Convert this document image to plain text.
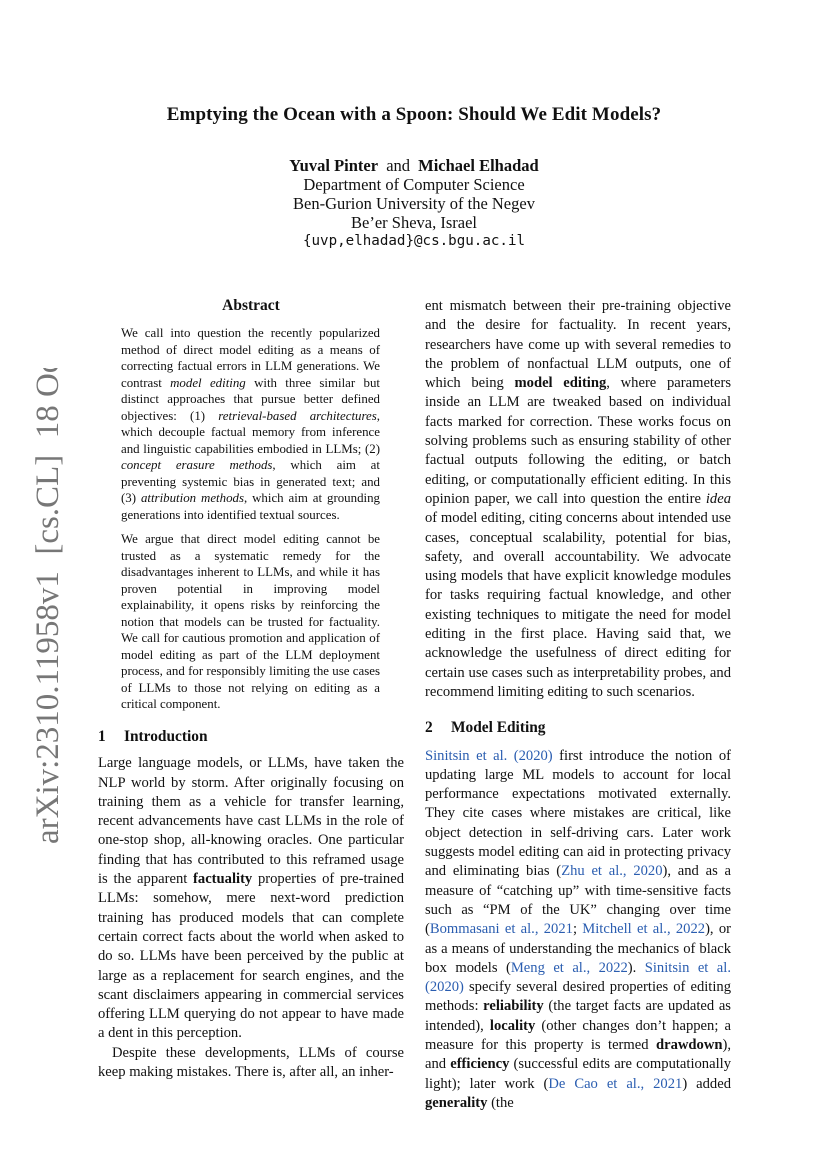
arXiv:2310.11958v1  [cs.CL]  18 Oct 2023
Emptying the Ocean with a Spoon: Should We Edit Models?
Yuval Pinter and Michael Elhadad
Department of Computer Science
Ben-Gurion University of the Negev
Be’er Sheva, Israel
{uvp,elhadad}@cs.bgu.ac.il
Abstract

We call into question the recently popularized method of direct model editing as a means of correcting factual errors in LLM generations. We contrast model editing with three similar but distinct approaches that pursue better defined objectives: (1) retrieval-based architectures, which decouple factual memory from inference and linguistic capabilities embodied in LLMs; (2) concept erasure methods, which aim at preventing systemic bias in generated text; and (3) attribution methods, which aim at grounding generations into identified textual sources.

We argue that direct model editing cannot be trusted as a systematic remedy for the disadvantages inherent to LLMs, and while it has proven potential in improving model explainability, it opens risks by reinforcing the notion that models can be trusted for factuality. We call for cautious promotion and application of model editing as part of the LLM deployment process, and for responsibly limiting the use cases of LLMs to those not relying on editing as a critical component.

1 Introduction

Large language models, or LLMs, have taken the NLP world by storm. After originally focusing on training them as a vehicle for transfer learning, recent advancements have cast LLMs in the role of one-stop shop, all-knowing oracles. One particular finding that has contributed to this reframed usage is the apparent factuality properties of pre-trained LLMs: somehow, mere next-word prediction training has produced models that can complete certain correct facts about the world when asked to do so. LLMs have been perceived by the public at large as a replacement for search engines, and the scant disclaimers appearing in commercial services offering LLM querying do not appear to have made a dent in this perception.

Despite these developments, LLMs of course keep making mistakes. There is, after all, an inher-

ent mismatch between their pre-training objective and the desire for factuality. In recent years, researchers have come up with several remedies to the problem of nonfactual LLM outputs, one of which being model editing, where parameters inside an LLM are tweaked based on individual facts marked for correction. These works focus on solving problems such as ensuring stability of other factual outputs following the editing, or batch editing, or computationally efficient editing. In this opinion paper, we call into question the entire idea of model editing, citing concerns about intended use cases, conceptual scalability, potential for bias, safety, and overall accountability. We advocate using models that have explicit knowledge modules for tasks requiring factual knowledge, and other existing techniques to mitigate the need for model editing in the first place. Having said that, we acknowledge the usefulness of direct editing for certain use cases such as interpretability probes, and recommend limiting editing to such scenarios.

2 Model Editing

Sinitsin et al. (2020) first introduce the notion of updating large ML models to account for local performance expectations motivated externally. They cite cases where mistakes are critical, like object detection in self-driving cars. Later work suggests model editing can aid in protecting privacy and eliminating bias (Zhu et al., 2020), and as a measure of “catching up” with time-sensitive facts such as “PM of the UK” changing over time (Bommasani et al., 2021; Mitchell et al., 2022), or as a means of understanding the mechanics of black box models (Meng et al., 2022). Sinitsin et al. (2020) specify several desired properties of editing methods: reliability (the target facts are updated as intended), locality (other changes don’t happen; a measure for this property is termed drawdown), and efficiency (successful edits are computationally light); later work (De Cao et al., 2021) added generality (the
